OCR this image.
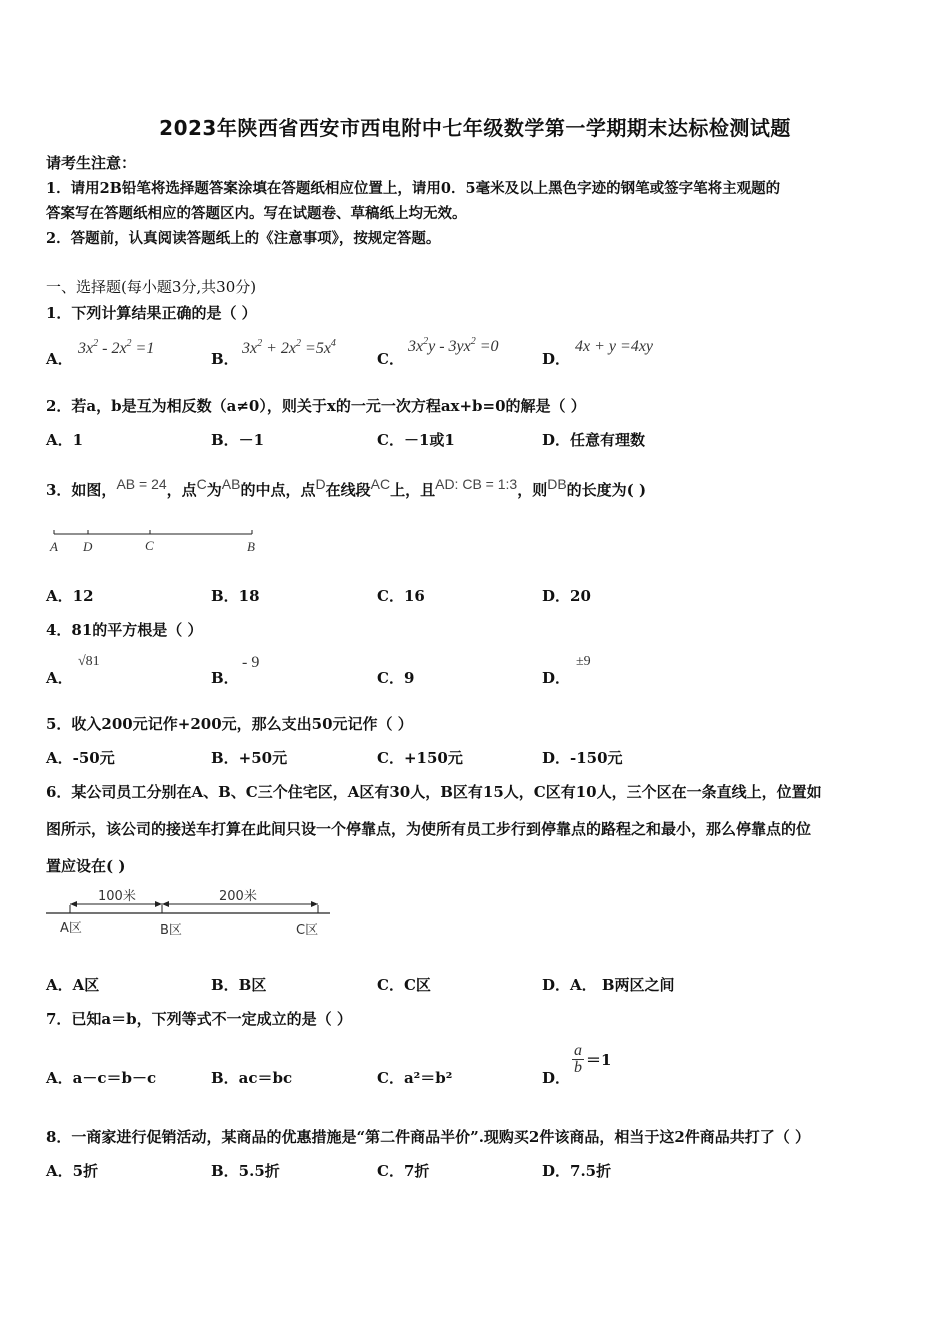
2023年陕西省西安市西电附中七年级数学第一学期期末达标检测试题
请考生注意：
1．请用2B铅笔将选择题答案涂填在答题纸相应位置上，请用0．5毫米及以上黑色字迹的钢笔或签字笔将主观题的
答案写在答题纸相应的答题区内。写在试题卷、草稿纸上均无效。
2．答题前，认真阅读答题纸上的《注意事项》，按规定答题。
一、选择题(每小题3分,共30分)
1．下列计算结果正确的是（ ）
A．
$3x^2 - 2x^2 =1$
B．
$3x^2 + 2x^2 =5x^4$
C．
$3x^2y - 3yx^2 =0$
D．
4x + y =4xy
2．若a，b是互为相反数（a≠0），则关于x的一元一次方程ax+b=0的解是（ ）
A．1	B．－1	C．－1或1	D．任意有理数
3．如图，AB = 24，点C为AB的中点，点D在线段AC上，且AD: CB = 1:3，则DB的长度为( )
A D	C	B
A．12	B．18	C．16	D．20
4．81的平方根是（ ）
A．
√81
B．
- 9
C．9	D．
±9
5．收入200元记作+200元，那么支出50元记作（ ）
A．-50元	B．+50元	C．+150元	D．-150元
6．某公司员工分别在A、B、C三个住宅区，A区有30人，B区有15人，C区有10人，三个区在一条直线上，位置如
图所示，该公司的接送车打算在此间只设一个停靠点，为使所有员工步行到停靠点的路程之和最小，那么停靠点的位
置应设在( )
100米	200米
A区	B区	C区
A．A区	B．B区	C．C区	D．A． B两区之间
7．已知a＝b，下列等式不一定成立的是（ ）
A．a－c＝b－c	B．ac＝bc	C．a²＝b²	D．
$\frac{a}{b} =1$
8．一商家进行促销活动，某商品的优惠措施是“第二件商品半价”.现购买2件该商品，相当于这2件商品共打了（ ）
A．5折	B．5.5折	C．7折	D．7.5折
